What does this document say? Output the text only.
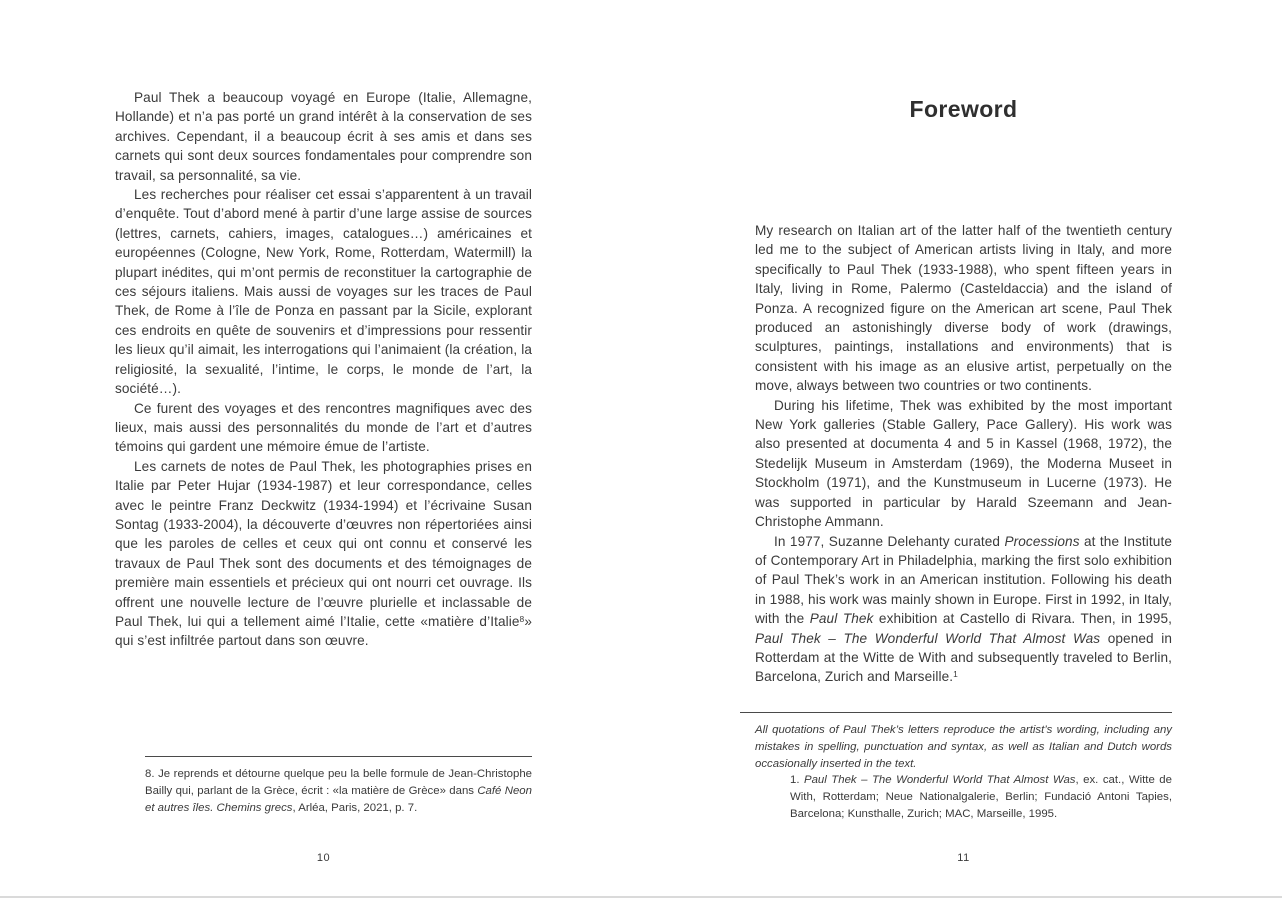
Paul Thek a beaucoup voyagé en Europe (Italie, Allemagne, Hollande) et n’a pas porté un grand intérêt à la conservation de ses archives. Cependant, il a beaucoup écrit à ses amis et dans ses carnets qui sont deux sources fondamentales pour comprendre son travail, sa personnalité, sa vie.

Les recherches pour réaliser cet essai s’apparentent à un travail d’enquête. Tout d’abord mené à partir d’une large assise de sources (lettres, carnets, cahiers, images, catalogues…) américaines et européennes (Cologne, New York, Rome, Rotterdam, Watermill) la plupart inédites, qui m’ont permis de reconstituer la cartographie de ces séjours italiens. Mais aussi de voyages sur les traces de Paul Thek, de Rome à l’île de Ponza en passant par la Sicile, explorant ces endroits en quête de souvenirs et d’impressions pour ressentir les lieux qu’il aimait, les interrogations qui l’animaient (la création, la religiosité, la sexualité, l’intime, le corps, le monde de l’art, la société…).

Ce furent des voyages et des rencontres magnifiques avec des lieux, mais aussi des personnalités du monde de l’art et d’autres témoins qui gardent une mémoire émue de l’artiste.

Les carnets de notes de Paul Thek, les photographies prises en Italie par Peter Hujar (1934-1987) et leur correspondance, celles avec le peintre Franz Deckwitz (1934-1994) et l’écrivaine Susan Sontag (1933-2004), la découverte d’œuvres non répertoriées ainsi que les paroles de celles et ceux qui ont connu et conservé les travaux de Paul Thek sont des documents et des témoignages de première main essentiels et précieux qui ont nourri cet ouvrage. Ils offrent une nouvelle lecture de l’œuvre plurielle et inclassable de Paul Thek, lui qui a tellement aimé l’Italie, cette «matière d’Italie$^8$» qui s’est infiltrée partout dans son œuvre.

8. Je reprends et détourne quelque peu la belle formule de Jean-Christophe Bailly qui, parlant de la Grèce, écrit : «la matière de Grèce» dans Café Neon et autres îles. Chemins grecs, Arléa, Paris, 2021, p. 7.

10
Foreword

My research on Italian art of the latter half of the twentieth century led me to the subject of American artists living in Italy, and more specifically to Paul Thek (1933-1988), who spent fifteen years in Italy, living in Rome, Palermo (Casteldaccia) and the island of Ponza. A recognized figure on the American art scene, Paul Thek produced an astonishingly diverse body of work (drawings, sculptures, paintings, installations and environments) that is consistent with his image as an elusive artist, perpetually on the move, always between two countries or two continents.

During his lifetime, Thek was exhibited by the most important New York galleries (Stable Gallery, Pace Gallery). His work was also presented at documenta 4 and 5 in Kassel (1968, 1972), the Stedelijk Museum in Amsterdam (1969), the Moderna Museet in Stockholm (1971), and the Kunstmuseum in Lucerne (1973). He was supported in particular by Harald Szeemann and Jean-Christophe Ammann.

In 1977, Suzanne Delehanty curated Processions at the Institute of Contemporary Art in Philadelphia, marking the first solo exhibition of Paul Thek’s work in an American institution. Following his death in 1988, his work was mainly shown in Europe. First in 1992, in Italy, with the Paul Thek exhibition at Castello di Rivara. Then, in 1995, Paul Thek – The Wonderful World That Almost Was opened in Rotterdam at the Witte de With and subsequently traveled to Berlin, Barcelona, Zurich and Marseille.$^1$

All quotations of Paul Thek’s letters reproduce the artist’s wording, including any mistakes in spelling, punctuation and syntax, as well as Italian and Dutch words occasionally inserted in the text.

1. Paul Thek – The Wonderful World That Almost Was, ex. cat., Witte de With, Rotterdam; Neue Nationalgalerie, Berlin; Fundació Antoni Tapies, Barcelona; Kunsthalle, Zurich; MAC, Marseille, 1995.

11
